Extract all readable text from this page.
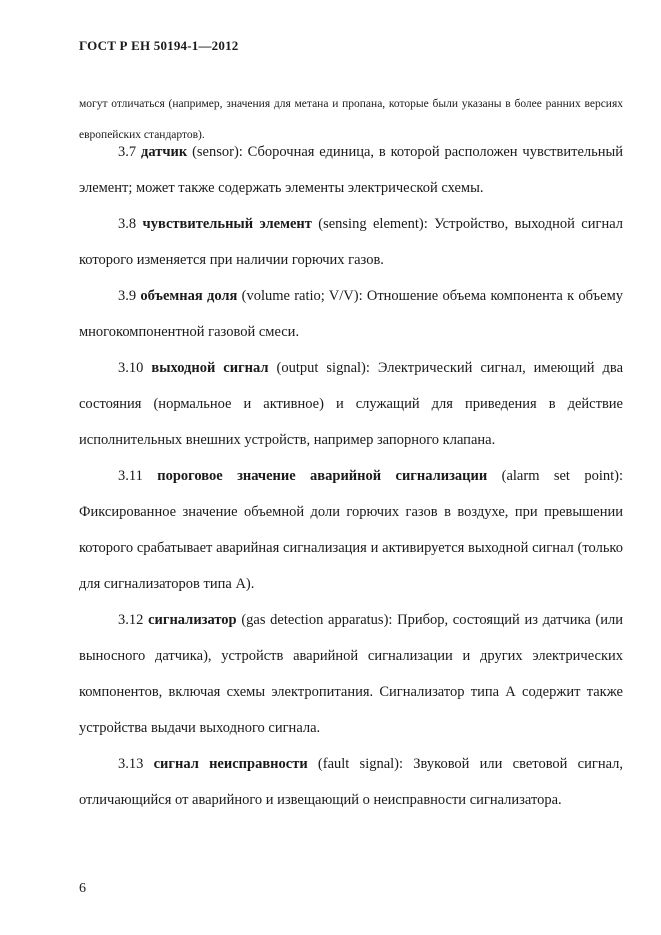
ГОСТ Р ЕН 50194-1—2012

могут отличаться (например, значения для метана и пропана, которые были указаны в более ранних версиях европейских стандартов).

3.7 датчик (sensor): Сборочная единица, в которой расположен чувствительный элемент; может также содержать элементы электрической схемы.

3.8 чувствительный элемент (sensing element): Устройство, выходной сигнал которого изменяется при наличии горючих газов.

3.9 объемная доля (volume ratio; V/V): Отношение объема компонента к объему многокомпонентной газовой смеси.

3.10 выходной сигнал (output signal): Электрический сигнал, имеющий два состояния (нормальное и активное) и служащий для приведения в действие исполнительных внешних устройств, например запорного клапана.

3.11 пороговое значение аварийной сигнализации (alarm set point): Фиксированное значение объемной доли горючих газов в воздухе, при превышении которого срабатывает аварийная сигнализация и активируется выходной сигнал (только для сигнализаторов типа А).

3.12 сигнализатор (gas detection apparatus): Прибор, состоящий из датчика (или выносного датчика), устройств аварийной сигнализации и других электрических компонентов, включая схемы электропитания. Сигнализатор типа А содержит также устройства выдачи выходного сигнала.

3.13 сигнал неисправности (fault signal): Звуковой или световой сигнал, отличающийся от аварийного и извещающий о неисправности сигнализатора.

6
